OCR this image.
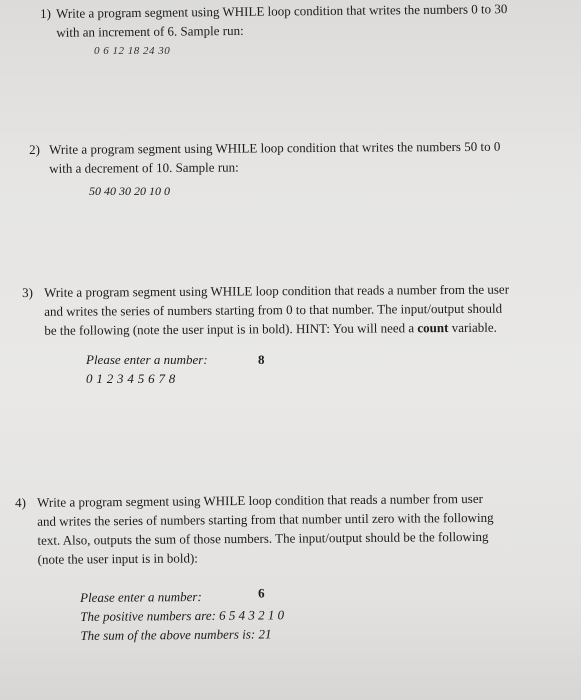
1) Write a program segment using WHILE loop condition that writes the numbers 0 to 30
with an increment of 6. Sample run:
0 6 12 18 24 30
2) Write a program segment using WHILE loop condition that writes the numbers 50 to 0
with a decrement of 10. Sample run:
50 40 30 20 10 0
3) Write a program segment using WHILE loop condition that reads a number from the user
and writes the series of numbers starting from 0 to that number. The input/output should
be the following (note the user input is in bold). HINT: You will need a count variable.
Please enter a number:	8
0 1 2 3 4 5 6 7 8
4) Write a program segment using WHILE loop condition that reads a number from user
and writes the series of numbers starting from that number until zero with the following
text. Also, outputs the sum of those numbers. The input/output should be the following
(note the user input is in bold):
Please enter a number:	6
The positive numbers are: 6 5 4 3 2 1 0
The sum of the above numbers is: 21
